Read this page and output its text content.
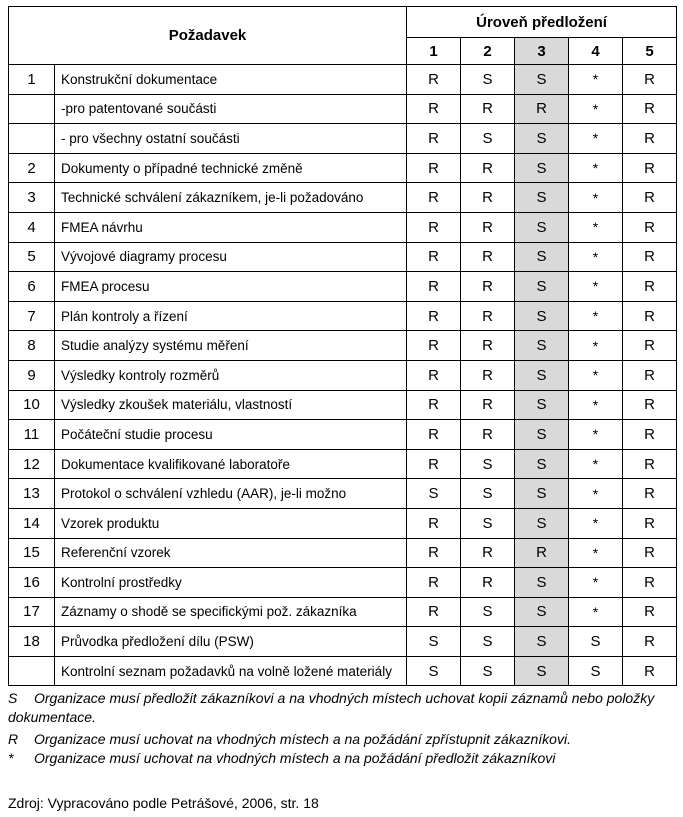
Požadavek		Úroveň předložení				
		1	2	3	4	5
1	Konstrukční dokumentace	R	S	S	*	R
	-pro patentované součásti	R	R	R	*	R
	- pro všechny ostatní součásti	R	S	S	*	R
2	Dokumenty o případné technické změně	R	R	S	*	R
3	Technické schválení zákazníkem, je-li požadováno	R	R	S	*	R
4	FMEA návrhu	R	R	S	*	R
5	Vývojové diagramy procesu	R	R	S	*	R
6	FMEA procesu	R	R	S	*	R
7	Plán kontroly a řízení	R	R	S	*	R
8	Studie analýzy systému měření	R	R	S	*	R
9	Výsledky kontroly rozměrů	R	R	S	*	R
10	Výsledky zkoušek materiálu, vlastností	R	R	S	*	R
11	Počáteční studie procesu	R	R	S	*	R
12	Dokumentace kvalifikované laboratoře	R	S	S	*	R
13	Protokol o schválení vzhledu (AAR), je-li možno	S	S	S	*	R
14	Vzorek produktu	R	S	S	*	R
15	Referenční vzorek	R	R	R	*	R
16	Kontrolní prostředky	R	R	S	*	R
17	Záznamy o shodě se specifickými pož. zákazníka	R	S	S	*	R
18	Průvodka předložení dílu (PSW)	S	S	S	S	R
	Kontrolní seznam požadavků na volně ložené materiály	S	S	S	S	R
S Organizace musí předložit zákazníkovi a na vhodných místech uchovat kopii záznamů nebo položky dokumentace.
R Organizace musí uchovat na vhodných místech a na požádání zpřístupnit zákazníkovi.
* Organizace musí uchovat na vhodných místech a na požádání předložit zákazníkovi
Zdroj: Vypracováno podle Petrášové, 2006, str. 18
